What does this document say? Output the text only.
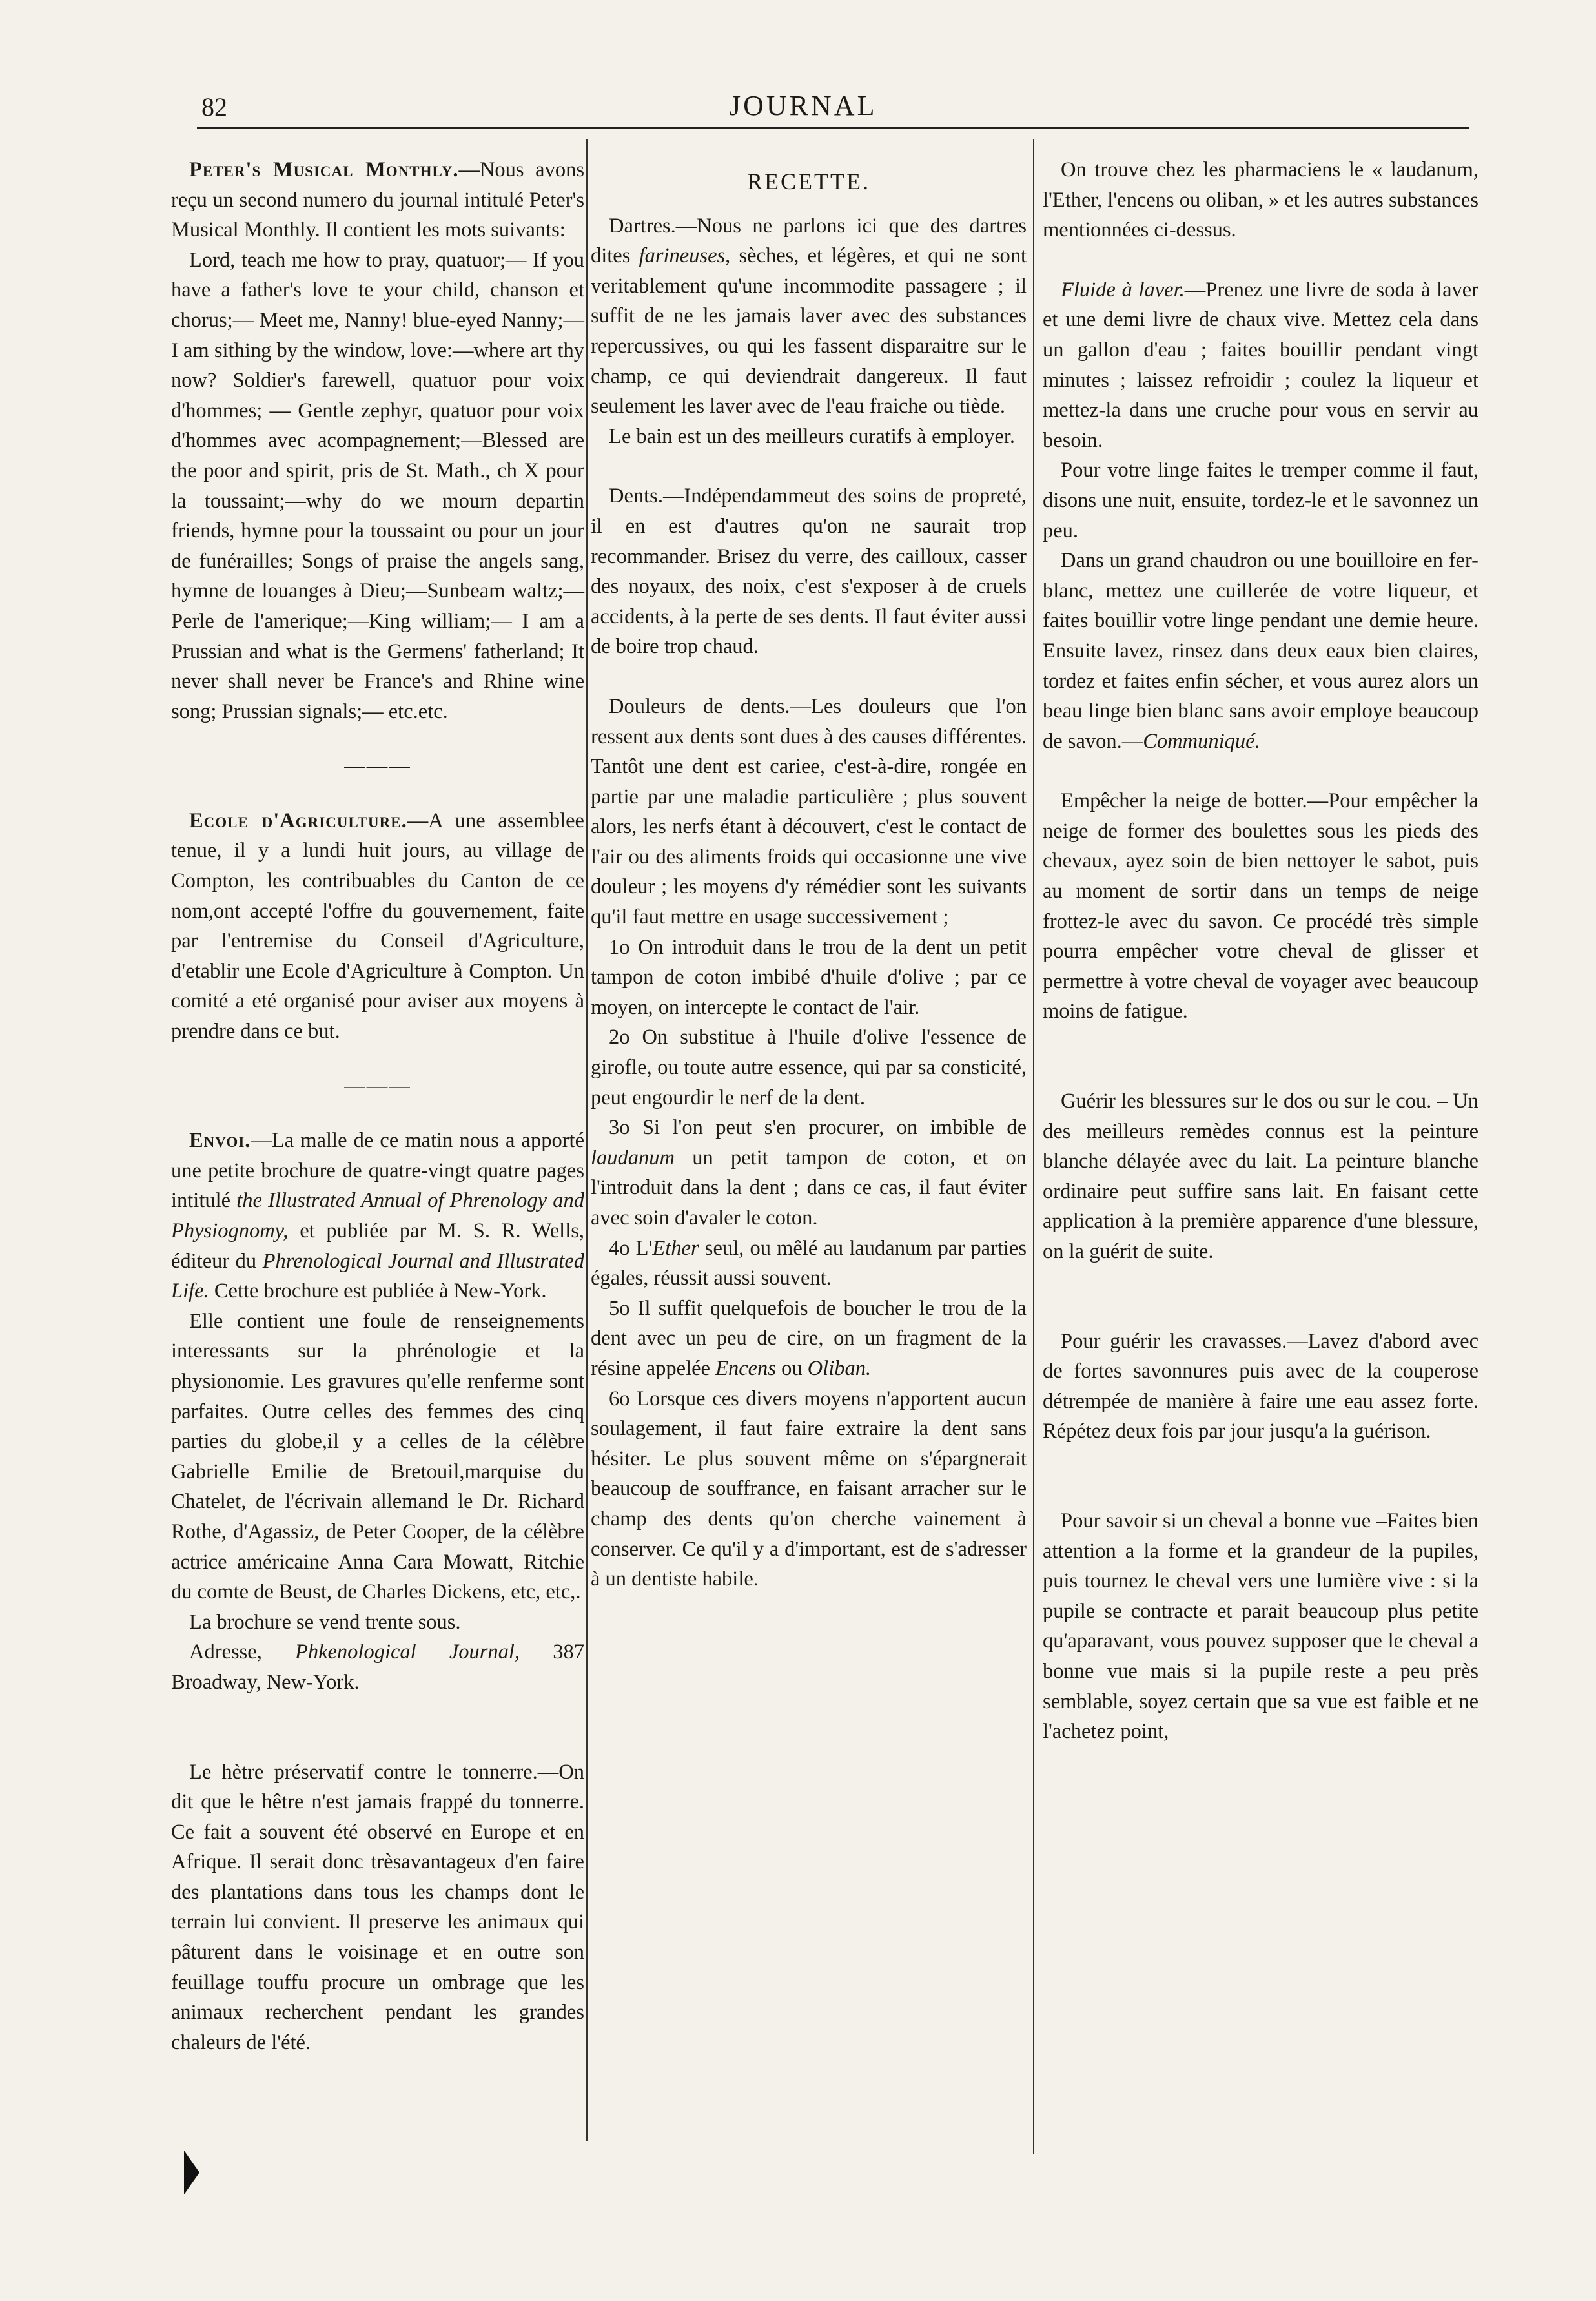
82	JOURNAL

Peter's Musical Monthly.—Nous avons reçu un second numero du journal intitulé Peter's Musical Monthly. Il contient les mots suivants:

Lord, teach me how to pray, quatuor;— If you have a father's love te your child, chanson et chorus;— Meet me, Nanny! blue-eyed Nanny;— I am sithing by the window, love:—where art thy now? Soldier's farewell, quatuor pour voix d'hommes; — Gentle zephyr, quatuor pour voix d'hommes avec acompagnement;—Blessed are the poor and spirit, pris de St. Math., ch X pour la toussaint;—why do we mourn departin friends, hymne pour la toussaint ou pour un jour de funérailles; Songs of praise the angels sang, hymne de louanges à Dieu;—Sunbeam waltz;—Perle de l'amerique;—King william;— I am a Prussian and what is the Germens' fatherland; It never shall never be France's and Rhine wine song; Prussian signals;— etc.etc.

———

Ecole d'Agriculture.—A une assemblee tenue, il y a lundi huit jours, au village de Compton, les contribuables du Canton de ce nom,ont accepté l'offre du gouvernement, faite par l'entremise du Conseil d'Agriculture, d'etablir une Ecole d'Agriculture à Compton. Un comité a eté organisé pour aviser aux moyens à prendre dans ce but.

———

Envoi.—La malle de ce matin nous a apporté une petite brochure de quatre-vingt quatre pages intitulé the Illustrated Annual of Phrenology and Physiognomy, et publiée par M. S. R. Wells, éditeur du Phrenological Journal and Illustrated Life. Cette brochure est publiée à New-York.

Elle contient une foule de renseignements interessants sur la phrénologie et la physionomie. Les gravures qu'elle renferme sont parfaites. Outre celles des femmes des cinq parties du globe,il y a celles de la célèbre Gabrielle Emilie de Bretouil,marquise du Chatelet, de l'écrivain allemand le Dr. Richard Rothe, d'Agassiz, de Peter Cooper, de la célèbre actrice américaine Anna Cara Mowatt, Ritchie du comte de Beust, de Charles Dickens, etc, etc,.

La brochure se vend trente sous.

Adresse, Phkenological Journal, 387 Broadway, New-York.

Le hètre préservatif contre le tonnerre.—On dit que le hêtre n'est jamais frappé du tonnerre. Ce fait a souvent été observé en Europe et en Afrique. Il serait donc trèsavantageux d'en faire des plantations dans tous les champs dont le terrain lui convient. Il preserve les animaux qui pâturent dans le voisinage et en outre son feuillage touffu procure un ombrage que les animaux recherchent pendant les grandes chaleurs de l'été.

RECETTE.

Dartres.—Nous ne parlons ici que des dartres dites farineuses, sèches, et légères, et qui ne sont veritablement qu'une incommodite passagere ; il suffit de ne les jamais laver avec des substances repercussives, ou qui les fassent disparaitre sur le champ, ce qui deviendrait dangereux. Il faut seulement les laver avec de l'eau fraiche ou tiède.

Le bain est un des meilleurs curatifs à employer.

Dents.—Indépendammeut des soins de propreté, il en est d'autres qu'on ne saurait trop recommander. Brisez du verre, des cailloux, casser des noyaux, des noix, c'est s'exposer à de cruels accidents, à la perte de ses dents. Il faut éviter aussi de boire trop chaud.

Douleurs de dents.—Les douleurs que l'on ressent aux dents sont dues à des causes différentes. Tantôt une dent est cariee, c'est-à-dire, rongée en partie par une maladie particulière ; plus souvent alors, les nerfs étant à découvert, c'est le contact de l'air ou des aliments froids qui occasionne une vive douleur ; les moyens d'y rémédier sont les suivants qu'il faut mettre en usage successivement ;

1o On introduit dans le trou de la dent un petit tampon de coton imbibé d'huile d'olive ; par ce moyen, on intercepte le contact de l'air.

2o On substitue à l'huile d'olive l'essence de girofle, ou toute autre essence, qui par sa consticité, peut engourdir le nerf de la dent.

3o Si l'on peut s'en procurer, on imbible de laudanum un petit tampon de coton, et on l'introduit dans la dent ; dans ce cas, il faut éviter avec soin d'avaler le coton.

4o L'Ether seul, ou mêlé au laudanum par parties égales, réussit aussi souvent.

5o Il suffit quelquefois de boucher le trou de la dent avec un peu de cire, on un fragment de la résine appelée Encens ou Oliban.

6o Lorsque ces divers moyens n'apportent aucun soulagement, il faut faire extraire la dent sans hésiter. Le plus souvent même on s'épargnerait beaucoup de souffrance, en faisant arracher sur le champ des dents qu'on cherche vainement à conserver. Ce qu'il y a d'important, est de s'adresser à un dentiste habile.

On trouve chez les pharmaciens le « laudanum, l'Ether, l'encens ou oliban, » et les autres substances mentionnées ci-dessus.

Fluide à laver.—Prenez une livre de soda à laver et une demi livre de chaux vive. Mettez cela dans un gallon d'eau ; faites bouillir pendant vingt minutes ; laissez refroidir ; coulez la liqueur et mettez-la dans une cruche pour vous en servir au besoin.

Pour votre linge faites le tremper comme il faut, disons une nuit, ensuite, tordez-le et le savonnez un peu.

Dans un grand chaudron ou une bouilloire en fer-blanc, mettez une cuillerée de votre liqueur, et faites bouillir votre linge pendant une demie heure. Ensuite lavez, rinsez dans deux eaux bien claires, tordez et faites enfin sécher, et vous aurez alors un beau linge bien blanc sans avoir employe beaucoup de savon.—Communiqué.

Empêcher la neige de botter.—Pour empêcher la neige de former des boulettes sous les pieds des chevaux, ayez soin de bien nettoyer le sabot, puis au moment de sortir dans un temps de neige frottez-le avec du savon. Ce procédé très simple pourra empêcher votre cheval de glisser et permettre à votre cheval de voyager avec beaucoup moins de fatigue.

Guérir les blessures sur le dos ou sur le cou. – Un des meilleurs remèdes connus est la peinture blanche délayée avec du lait. La peinture blanche ordinaire peut suffire sans lait. En faisant cette application à la première apparence d'une blessure, on la guérit de suite.

Pour guérir les cravasses.—Lavez d'abord avec de fortes savonnures puis avec de la couperose détrempée de manière à faire une eau assez forte. Répétez deux fois par jour jusqu'a la guérison.

Pour savoir si un cheval a bonne vue –Faites bien attention a la forme et la grandeur de la pupiles, puis tournez le cheval vers une lumière vive : si la pupile se contracte et parait beaucoup plus petite qu'aparavant, vous pouvez supposer que le cheval a bonne vue mais si la pupile reste a peu près semblable, soyez certain que sa vue est faible et ne l'achetez point,
